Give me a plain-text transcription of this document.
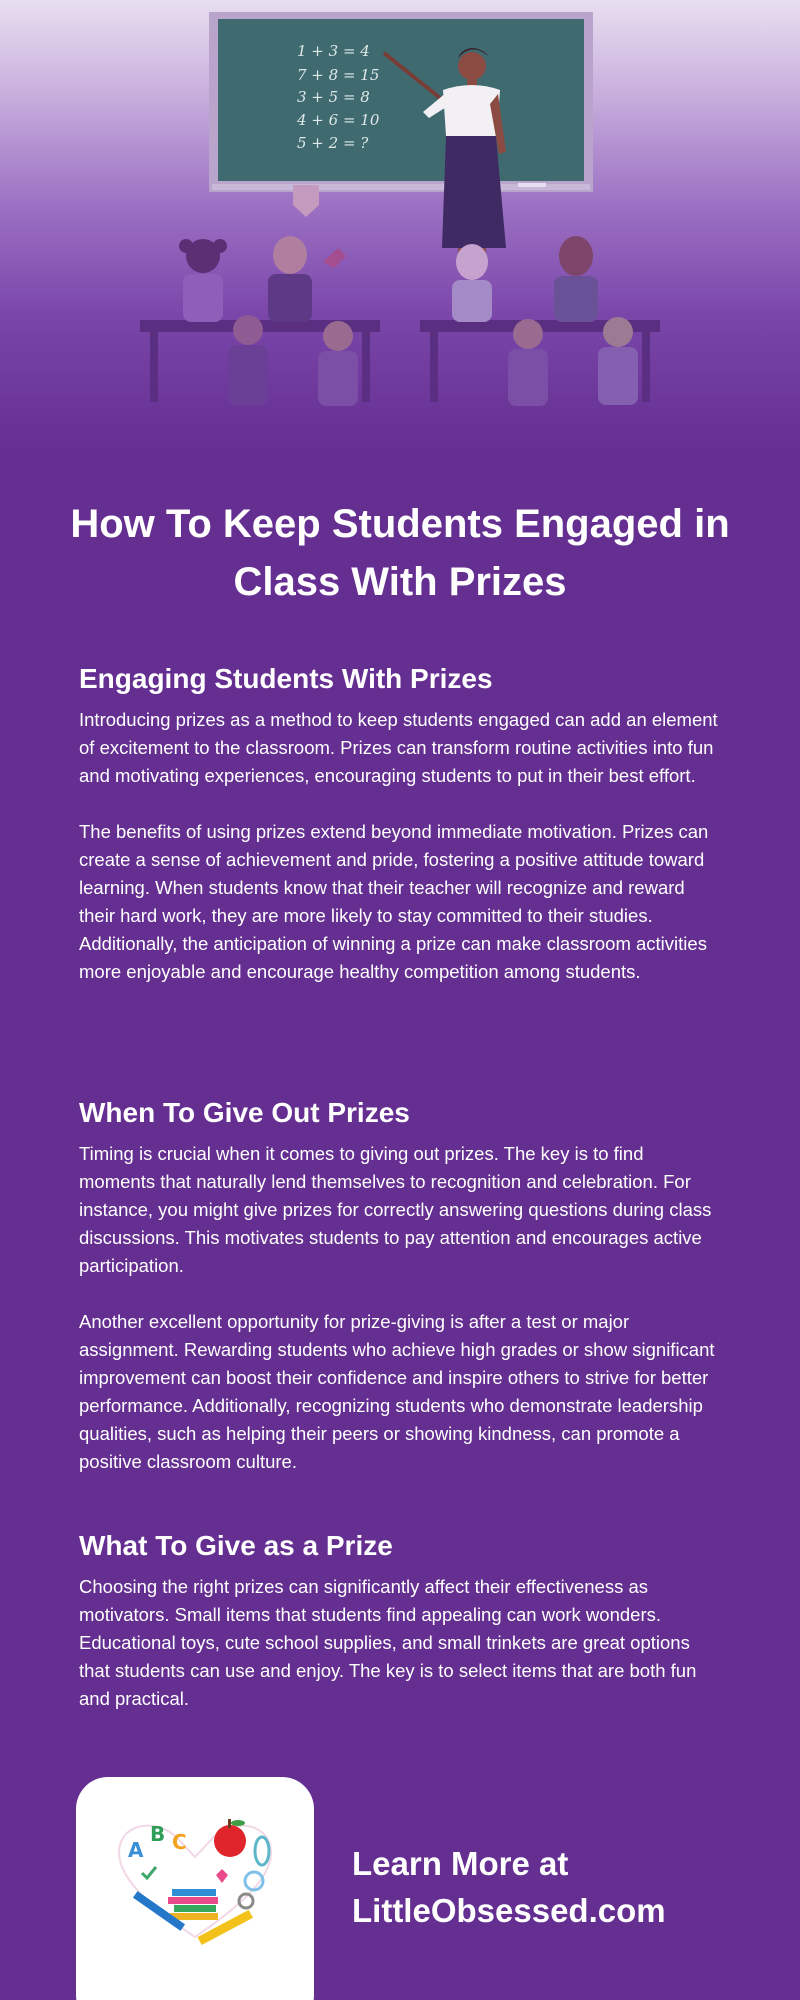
1 + 3 = 4
7 + 8 = 15
3 + 5 = 8
4 + 6 = 10
5 + 2 = ?
How To Keep Students Engaged in Class With Prizes
Engaging Students With Prizes

Introducing prizes as a method to keep students engaged can add an element of excitement to the classroom. Prizes can transform routine activities into fun and motivating experiences, encouraging students to put in their best effort.

The benefits of using prizes extend beyond immediate motivation. Prizes can create a sense of achievement and pride, fostering a positive attitude toward learning. When students know that their teacher will recognize and reward their hard work, they are more likely to stay committed to their studies. Additionally, the anticipation of winning a prize can make classroom activities more enjoyable and encourage healthy competition among students.

When To Give Out Prizes

Timing is crucial when it comes to giving out prizes. The key is to find moments that naturally lend themselves to recognition and celebration. For instance, you might give prizes for correctly answering questions during class discussions. This motivates students to pay attention and encourages active participation.

Another excellent opportunity for prize-giving is after a test or major assignment. Rewarding students who achieve high grades or show significant improvement can boost their confidence and inspire others to strive for better performance. Additionally, recognizing students who demonstrate leadership qualities, such as helping their peers or showing kindness, can promote a positive classroom culture.

What To Give as a Prize

Choosing the right prizes can significantly affect their effectiveness as motivators. Small items that students find appealing can work wonders. Educational toys, cute school supplies, and small trinkets are great options that students can use and enjoy. The key is to select items that are both fun and practical.

A
B C

Learn More at
LittleObsessed.com
